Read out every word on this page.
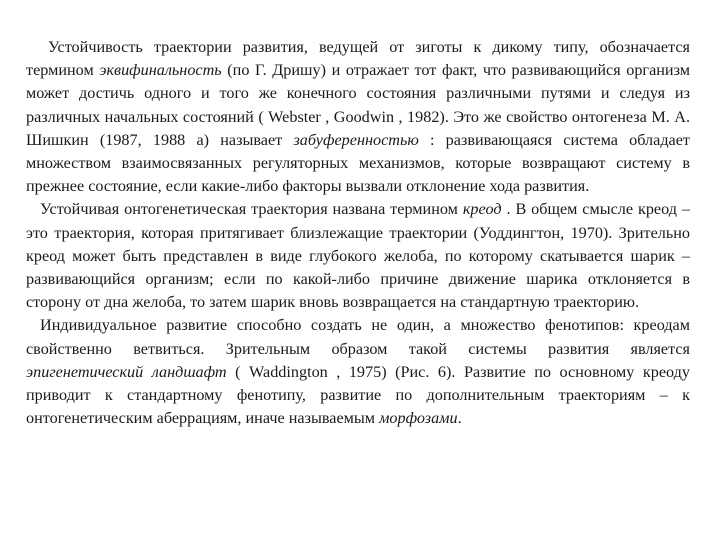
Устойчивость траектории развития, ведущей от зиготы к дикому типу, обозначается термином эквифинальность (по Г. Дришу) и отражает тот факт, что развивающийся организм может достичь одного и того же конечного состояния различными путями и следуя из различных начальных состояний ( Webster , Goodwin , 1982). Это же свойство онтогенеза М. А. Шишкин (1987, 1988 а) называет забуференностью : развивающаяся система обладает множеством взаимосвязанных регуляторных механизмов, которые возвращают систему в прежнее состояние, если какие-либо факторы вызвали отклонение хода развития.

Устойчивая онтогенетическая траектория названа термином креод . В общем смысле креод – это траектория, которая притягивает близлежащие траектории (Уоддингтон, 1970). Зрительно креод может быть представлен в виде глубокого желоба, по которому скатывается шарик – развивающийся организм; если по какой-либо причине движение шарика отклоняется в сторону от дна желоба, то затем шарик вновь возвращается на стандартную траекторию.

Индивидуальное развитие способно создать не один, а множество фенотипов: креодам свойственно ветвиться. Зрительным образом такой системы развития является эпигенетический ландшафт ( Waddington , 1975) (Рис. 6). Развитие по основному креоду приводит к стандартному фенотипу, развитие по дополнительным траекториям – к онтогенетическим аберрациям, иначе называемым морфозами.
